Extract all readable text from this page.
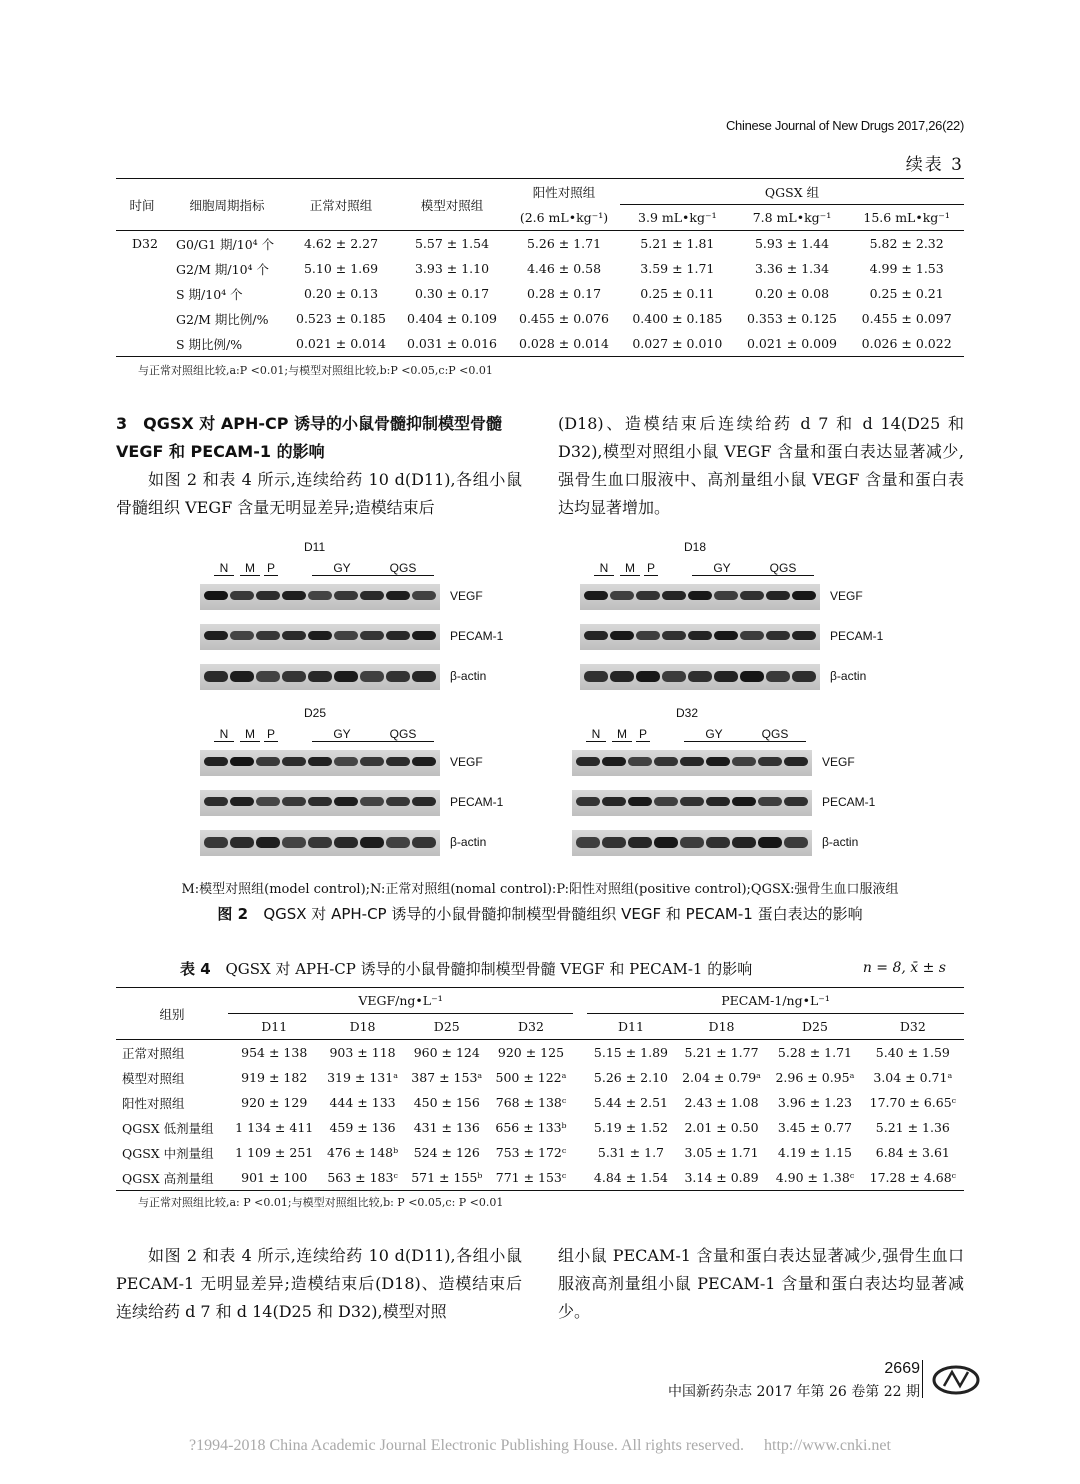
Chinese Journal of New Drugs 2017,26(22)
续表 3
时间	细胞周期指标	正常对照组	模型对照组	阳性对照组	QGSX 组		
				(2.6 mL•kg⁻¹)	3.9 mL•kg⁻¹	7.8 mL•kg⁻¹	15.6 mL•kg⁻¹
D32	G0/G1 期/10⁴ 个	4.62 ± 2.27	5.57 ± 1.54	5.26 ± 1.71	5.21 ± 1.81	5.93 ± 1.44	5.82 ± 2.32
	G2/M 期/10⁴ 个	5.10 ± 1.69	3.93 ± 1.10	4.46 ± 0.58	3.59 ± 1.71	3.36 ± 1.34	4.99 ± 1.53
	S 期/10⁴ 个	0.20 ± 0.13	0.30 ± 0.17	0.28 ± 0.17	0.25 ± 0.11	0.20 ± 0.08	0.25 ± 0.21
	G2/M 期比例/%	0.523 ± 0.185	0.404 ± 0.109	0.455 ± 0.076	0.400 ± 0.185	0.353 ± 0.125	0.455 ± 0.097
	S 期比例/%	0.021 ± 0.014	0.031 ± 0.016	0.028 ± 0.014	0.027 ± 0.010	0.021 ± 0.009	0.026 ± 0.022
与正常对照组比较,a:P <0.01;与模型对照组比较,b:P <0.05,c:P <0.01
3　QGSX 对 APH-CP 诱导的小鼠骨髓抑制模型骨髓 VEGF 和 PECAM-1 的影响
如图 2 和表 4 所示,连续给药 10 d(D11),各组小鼠骨髓组织 VEGF 含量无明显差异;造模结束后
(D18)、造模结束后连续给药 d 7 和 d 14(D25 和 D32),模型对照组小鼠 VEGF 含量和蛋白表达显著减少,强骨生血口服液中、高剂量组小鼠 VEGF 含量和蛋白表达均显著增加。
D11
N	M P	GY	QGS
VEGF
PECAM-1
β-actin
D18
N	M P	GY	QGS
VEGF
PECAM-1
β-actin
D25
N	M P	GY	QGS
VEGF
PECAM-1
β-actin
D32
N	M P	GY	QGS
VEGF
PECAM-1
β-actin
M:模型对照组(model control);N:正常对照组(nomal control):P:阳性对照组(positive control);QGSX:强骨生血口服液组
图 2 QGSX 对 APH-CP 诱导的小鼠骨髓抑制模型骨髓组织 VEGF 和 PECAM-1 蛋白表达的影响
表 4 QGSX 对 APH-CP 诱导的小鼠骨髓抑制模型骨髓 VEGF 和 PECAM-1 的影响	n = 8, x̄ ± s
组别	VEGF/ng•L⁻¹					PECAM-1/ng•L⁻¹			
	D11	D18	D25	D32		D11	D18	D25	D32
正常对照组	954 ± 138	903 ± 118	960 ± 124	920 ± 125		5.15 ± 1.89	5.21 ± 1.77	5.28 ± 1.71	5.40 ± 1.59
模型对照组	919 ± 182	319 ± 131ᵃ	387 ± 153ᵃ	500 ± 122ᵃ		5.26 ± 2.10	2.04 ± 0.79ᵃ	2.96 ± 0.95ᵃ	3.04 ± 0.71ᵃ
阳性对照组	920 ± 129	444 ± 133	450 ± 156	768 ± 138ᶜ		5.44 ± 2.51	2.43 ± 1.08	3.96 ± 1.23	17.70 ± 6.65ᶜ
QGSX 低剂量组	1 134 ± 411	459 ± 136	431 ± 136	656 ± 133ᵇ		5.19 ± 1.52	2.01 ± 0.50	3.45 ± 0.77	5.21 ± 1.36
QGSX 中剂量组	1 109 ± 251	476 ± 148ᵇ	524 ± 126	753 ± 172ᶜ		5.31 ± 1.7	3.05 ± 1.71	4.19 ± 1.15	6.84 ± 3.61
QGSX 高剂量组	901 ± 100	563 ± 183ᶜ	571 ± 155ᵇ	771 ± 153ᶜ		4.84 ± 1.54	3.14 ± 0.89	4.90 ± 1.38ᶜ	17.28 ± 4.68ᶜ
与正常对照组比较,a: P <0.01;与模型对照组比较,b: P <0.05,c: P <0.01
如图 2 和表 4 所示,连续给药 10 d(D11),各组小鼠 PECAM-1 无明显差异;造模结束后(D18)、造模结束后连续给药 d 7 和 d 14(D25 和 D32),模型对照
组小鼠 PECAM-1 含量和蛋白表达显著减少,强骨生血口服液高剂量组小鼠 PECAM-1 含量和蛋白表达均显著减少。
2669
中国新药杂志 2017 年第 26 卷第 22 期
?1994-2018 China Academic Journal Electronic Publishing House. All rights reserved.　 http://www.cnki.net
